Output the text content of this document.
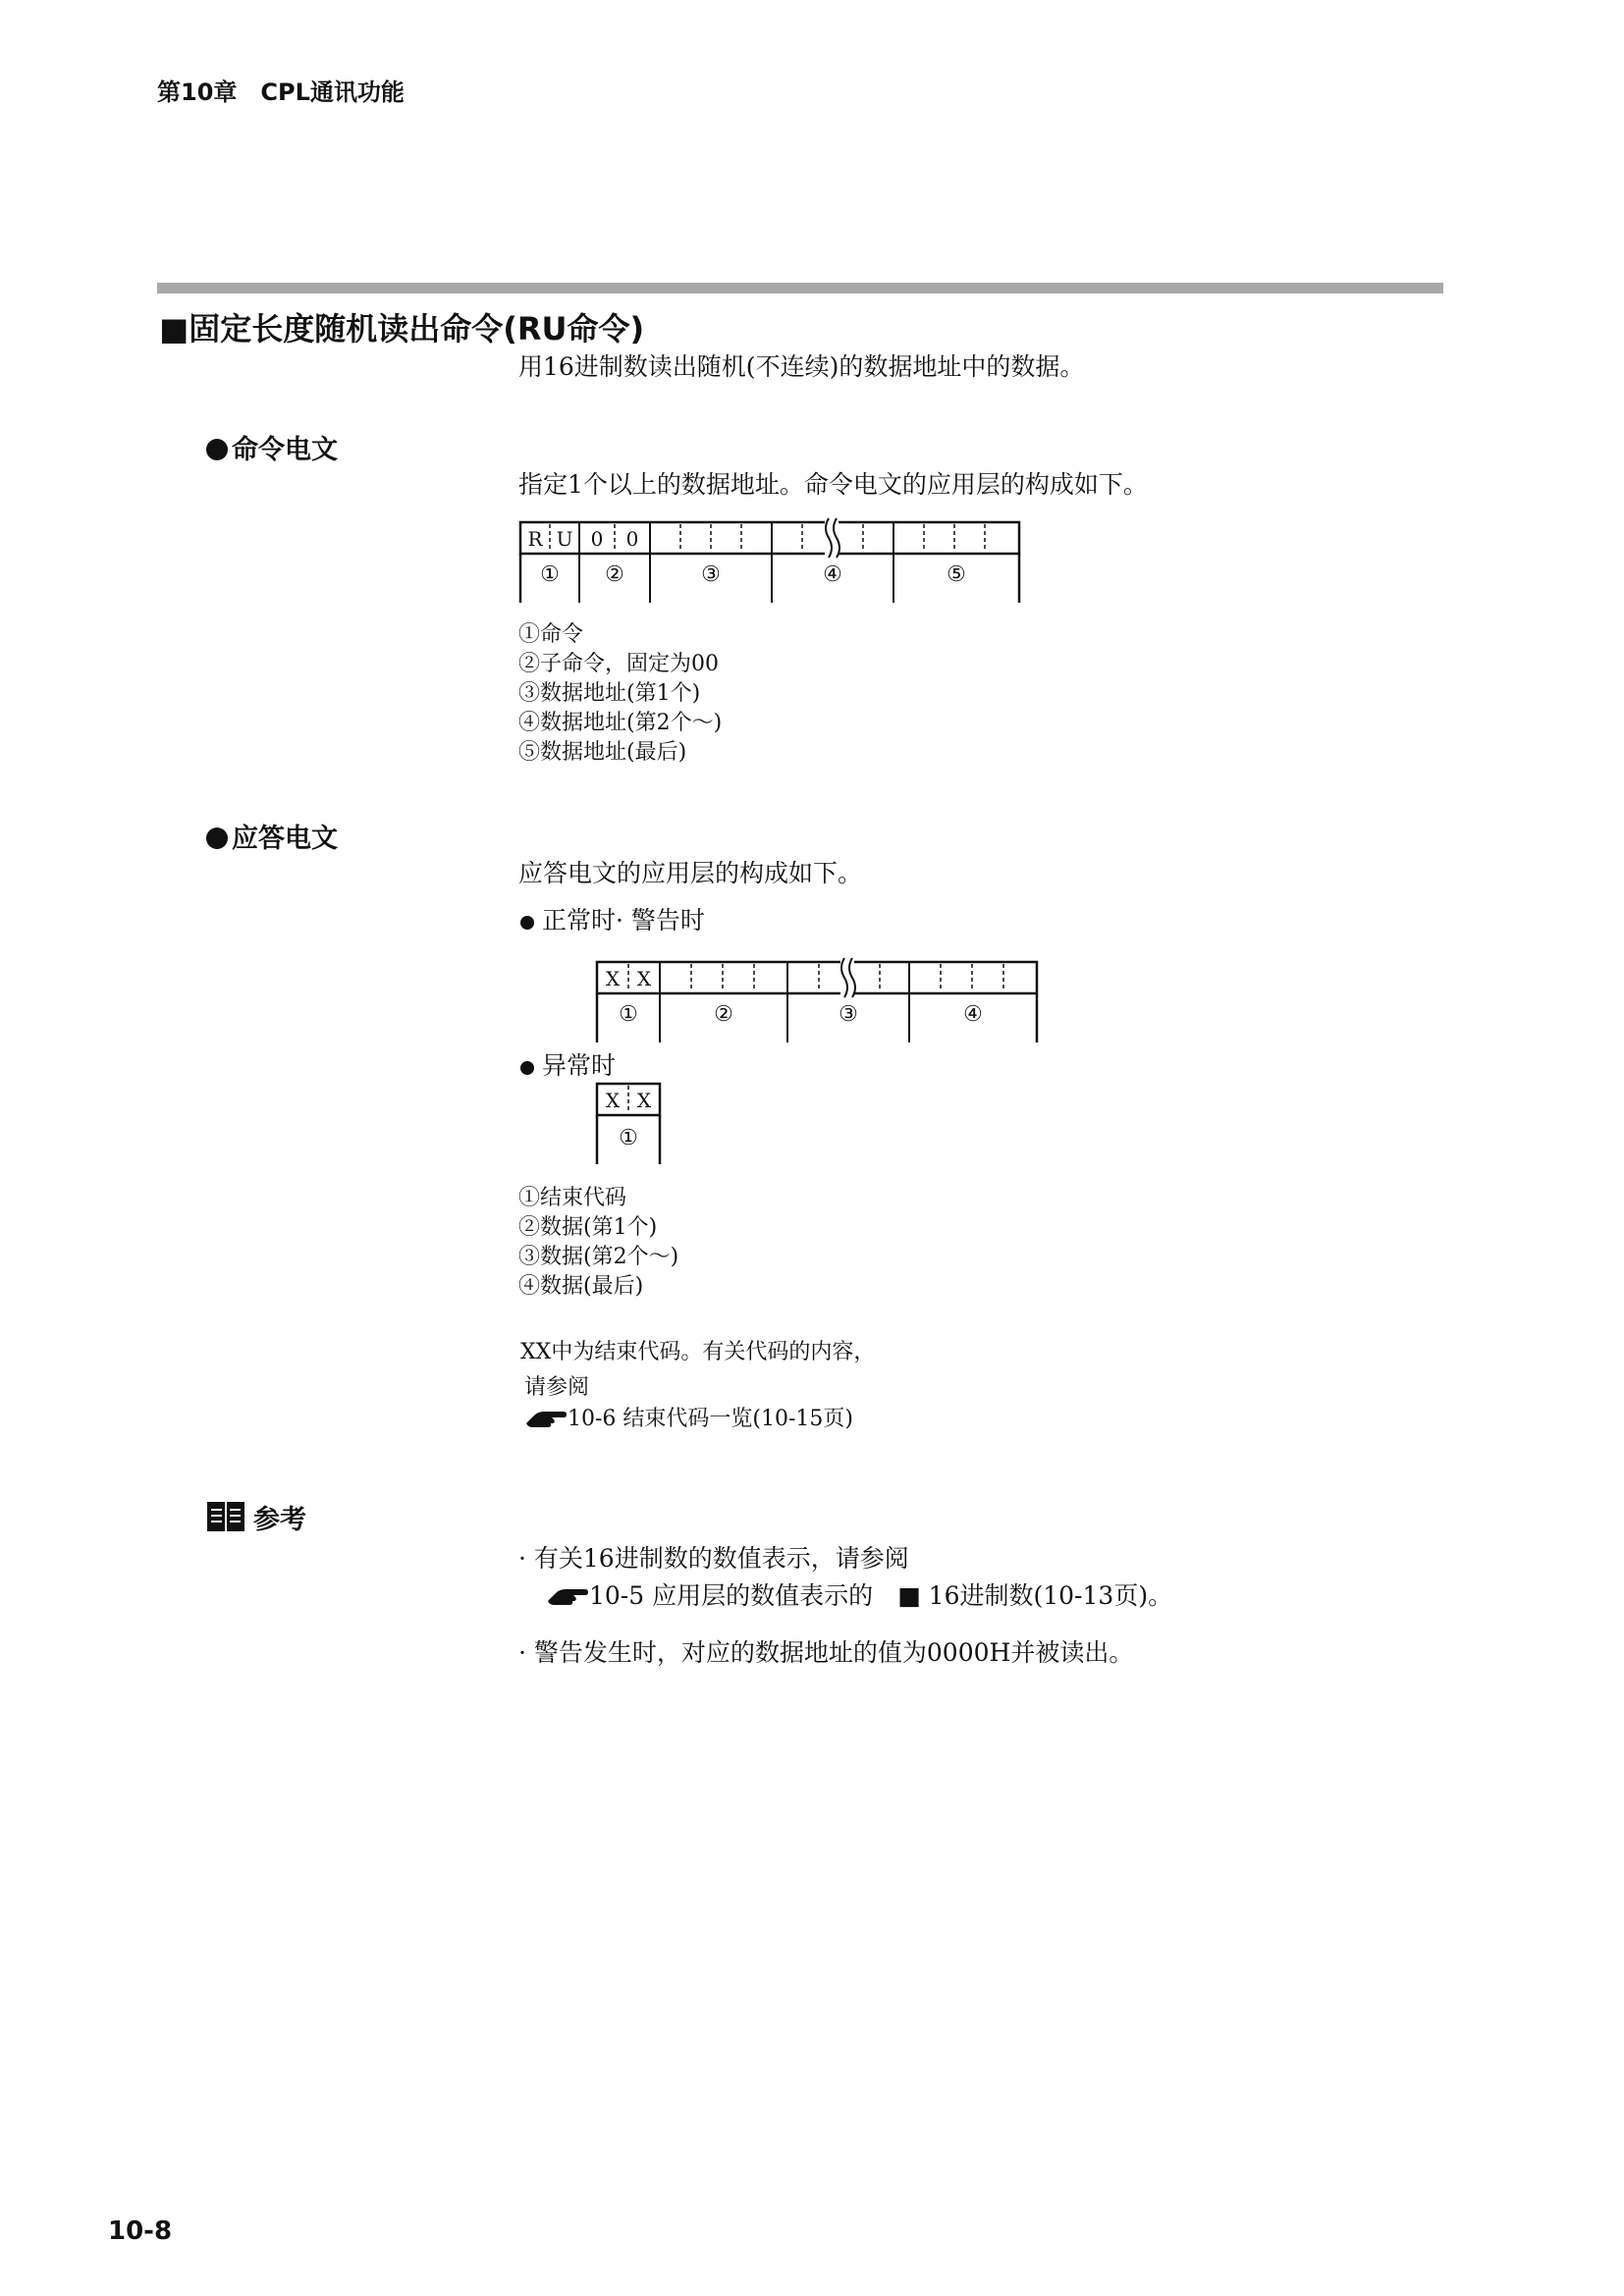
第10章　CPL通讯功能
■固定长度随机读出命令(RU命令)
用16进制数读出随机(不连续)的数据地址中的数据。
命令电文
指定1个以上的数据地址。命令电文的应用层的构成如下。
R U 0 0
① ②	③	④	⑤
①命令
②子命令，固定为00
③数据地址(第1个)
④数据地址(第2个～)
⑤数据地址(最后)
应答电文
应答电文的应用层的构成如下。
正常时· 警告时
X X
①	②	③	④
异常时
X X
①
①结束代码
②数据(第1个)
③数据(第2个～)
④数据(最后)
XX中为结束代码。有关代码的内容，
请参阅
10-6 结束代码一览(10-15页)
参考
· 有关16进制数的数值表示，请参阅
10-5 应用层的数值表示的　■ 16进制数(10-13页)。
· 警告发生时，对应的数据地址的值为0000H并被读出。
10-8
